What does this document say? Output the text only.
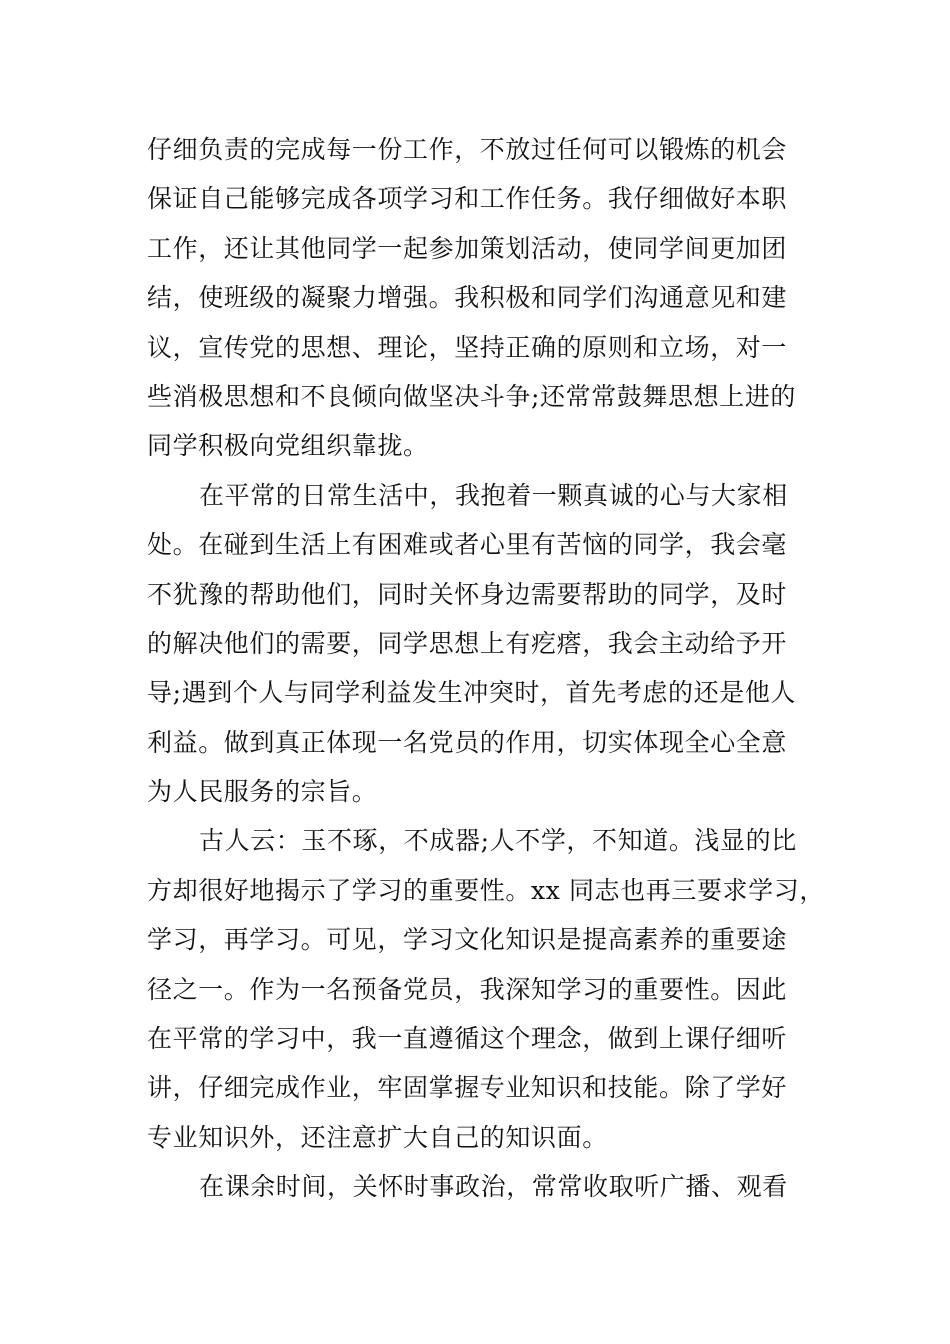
仔细负责的完成每一份工作，不放过任何可以锻炼的机会
保证自己能够完成各项学习和工作任务。我仔细做好本职
工作，还让其他同学一起参加策划活动，使同学间更加团
结，使班级的凝聚力增强。我积极和同学们沟通意见和建
议，宣传党的思想、理论，坚持正确的原则和立场，对一
些消极思想和不良倾向做坚决斗争;还常常鼓舞思想上进的
同学积极向党组织靠拢。
在平常的日常生活中，我抱着一颗真诚的心与大家相
处。在碰到生活上有困难或者心里有苦恼的同学，我会毫
不犹豫的帮助他们，同时关怀身边需要帮助的同学，及时
的解决他们的需要，同学思想上有疙瘩，我会主动给予开
导;遇到个人与同学利益发生冲突时，首先考虑的还是他人
利益。做到真正体现一名党员的作用，切实体现全心全意
为人民服务的宗旨。
古人云：玉不琢，不成器;人不学，不知道。浅显的比
方却很好地揭示了学习的重要性。xx 同志也再三要求学习，
学习，再学习。可见，学习文化知识是提高素养的重要途
径之一。作为一名预备党员，我深知学习的重要性。因此
在平常的学习中，我一直遵循这个理念，做到上课仔细听
讲，仔细完成作业，牢固掌握专业知识和技能。除了学好
专业知识外，还注意扩大自己的知识面。
在课余时间，关怀时事政治，常常收取听广播、观看
